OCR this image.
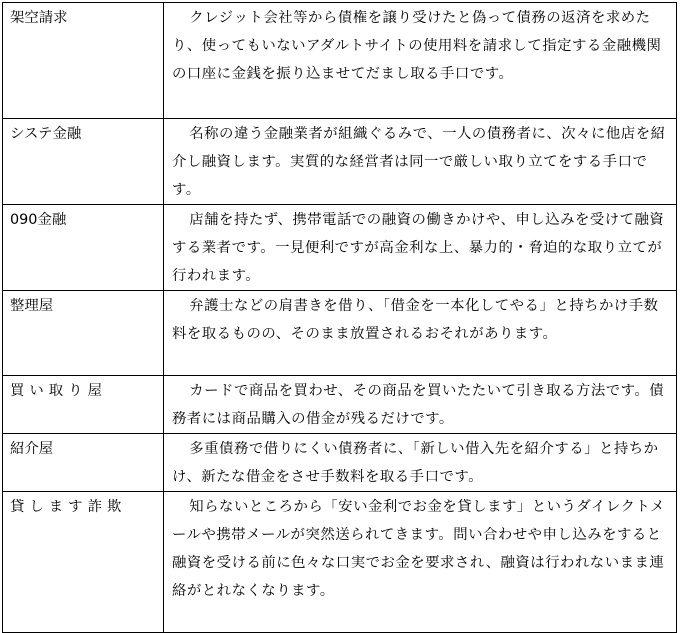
架空請求	クレジット会社等から債権を譲り受けたと偽って債務の返済を求めたり、使ってもいないアダルトサイトの使用料を請求して指定する金融機関の口座に金銭を振り込ませてだまし取る手口です。

システ金融	名称の違う金融業者が組織ぐるみで、一人の債務者に、次々に他店を紹介し融資します。実質的な経営者は同一で厳しい取り立てをする手口です。

090金融	店舗を持たず、携帯電話での融資の働きかけや、申し込みを受けて融資する業者です。一見便利ですが高金利な上、暴力的・脅迫的な取り立てが行われます。

整理屋	弁護士などの肩書きを借り、「借金を一本化してやる」と持ちかけ手数料を取るものの、そのまま放置されるおそれがあります。

買い取り屋	カードで商品を買わせ、その商品を買いたたいて引き取る方法です。債務者には商品購入の借金が残るだけです。

紹介屋	多重債務で借りにくい債務者に、「新しい借入先を紹介する」と持ちかけ、新たな借金をさせ手数料を取る手口です。

貸します詐欺	知らないところから「安い金利でお金を貸します」というダイレクトメールや携帯メールが突然送られてきます。問い合わせや申し込みをすると融資を受ける前に色々な口実でお金を要求され、融資は行われないまま連絡がとれなくなります。
